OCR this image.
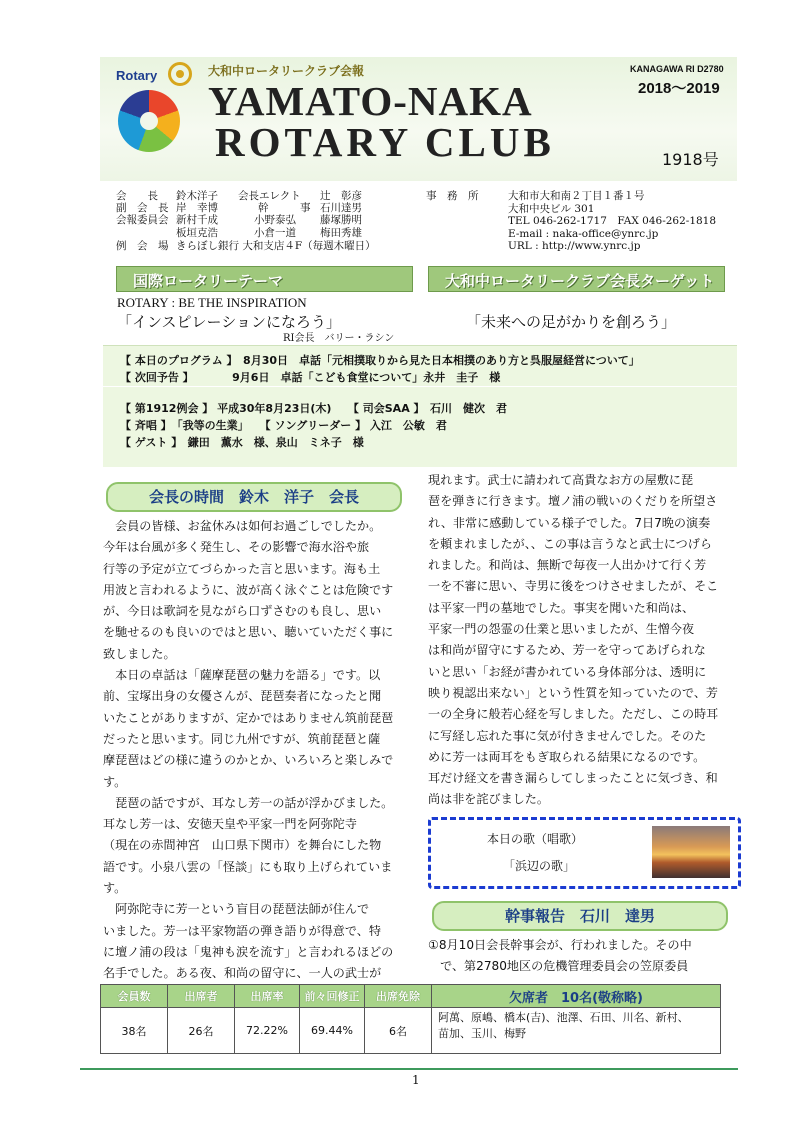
Rotary	大和中ロータリークラブ会報	KANAGAWA RI D2780
2018〜2019
YAMATO-NAKA
ROTARY CLUB	1918号
会　　長 鈴木洋子 会長エレクト 辻　彰彦
副　会　長 岸　幸博	幹　　　事 石川達男
会報委員会 新村千成	小野泰弘 藤塚勝明
板垣克浩	小倉一道 梅田秀雄
例　会　場 きらぼし銀行 大和支店４F（毎週木曜日）
事　務　所	大和市大和南２丁目１番１号
大和中央ビル 301
TEL 046-262-1717　FAX 046-262-1818
E-mail : naka-office@ynrc.jp
URL : http://www.ynrc.jp
国際ロータリーテーマ	大和中ロータリークラブ会長ターゲット
ROTARY : BE THE INSPIRATION
「インスピレーションになろう」
RI会長　バリー・ラシン
「未来への足がかりを創ろう」
【 本日のプログラム 】　8月30日　卓話「元相撲取りから見た日本相撲のあり方と呉服屋経営について」
【 次回予告 】　　　　9月6日　卓話「こども食堂について」永井　圭子　様
【 第1912例会 】 平成30年8月23日(木)　　【 司会SAA 】　石川　健次　君
【 斉唱 】　「我等の生業」　　【 ソングリーダー 】 入江　公敏　君
【 ゲスト 】　鎌田　薫水　様、泉山　ミネ子　様
会長の時間　鈴木　洋子　会長
　会員の皆様、お盆休みは如何お過ごしでしたか。
今年は台風が多く発生し、その影響で海水浴や旅
行等の予定が立てづらかった言と思います。海も土
用波と言われるように、波が高く泳ぐことは危険です
が、今日は歌詞を見ながら口ずさむのも良し、思い
を馳せるのも良いのではと思い、聴いていただく事に
致しました。
　本日の卓話は「薩摩琵琶の魅力を語る」です。以
前、宝塚出身の女優さんが、琵琶奏者になったと聞
いたことがありますが、定かではありません筑前琵琶
だったと思います。同じ九州ですが、筑前琵琶と薩
摩琵琶はどの様に違うのかとか、いろいろと楽しみで
す。
　琵琶の話ですが、耳なし芳一の話が浮かびました。
耳なし芳一は、安徳天皇や平家一門を阿弥陀寺
（現在の赤間神宮　山口県下関市）を舞台にした物
語です。小泉八雲の「怪談」にも取り上げられていま
す。
　阿弥陀寺に芳一という盲目の琵琶法師が住んで
いました。芳一は平家物語の弾き語りが得意で、特
に壇ノ浦の段は「鬼神も涙を流す」と言われるほどの
名手でした。ある夜、和尚の留守に、一人の武士が
現れます。武士に請われて高貴なお方の屋敷に琵
琶を弾きに行きます。壇ノ浦の戦いのくだりを所望さ
れ、非常に感動している様子でした。7日7晩の演奏
を頼まれましたが、、この事は言うなと武士につげら
れました。和尚は、無断で毎夜一人出かけて行く芳
一を不審に思い、寺男に後をつけさせましたが、そこ
は平家一門の墓地でした。事実を聞いた和尚は、
平家一門の怨霊の仕業と思いましたが、生憎今夜
は和尚が留守にするため、芳一を守ってあげられな
いと思い「お経が書かれている身体部分は、透明に
映り視認出来ない」という性質を知っていたので、芳
一の全身に般若心経を写しました。ただし、この時耳
に写経し忘れた事に気が付きませんでした。そのた
めに芳一は両耳をもぎ取られる結果になるのです。
耳だけ経文を書き漏らしてしまったことに気づき、和
尚は非を詫びました。
本日の歌（唱歌）
「浜辺の歌」
幹事報告　石川　達男
①8月10日会長幹事会が、行われました。その中
　で、第2780地区の危機管理委員会の笠原委員
会員数	出席者	出席率	前々回修正	出席免除	欠席者　10名(敬称略)
38名	26名	72.22%	69.44%	6名	阿萬、原嶋、橋本(吉)、池澤、石田、川名、新村、
苗加、玉川、梅野
1
